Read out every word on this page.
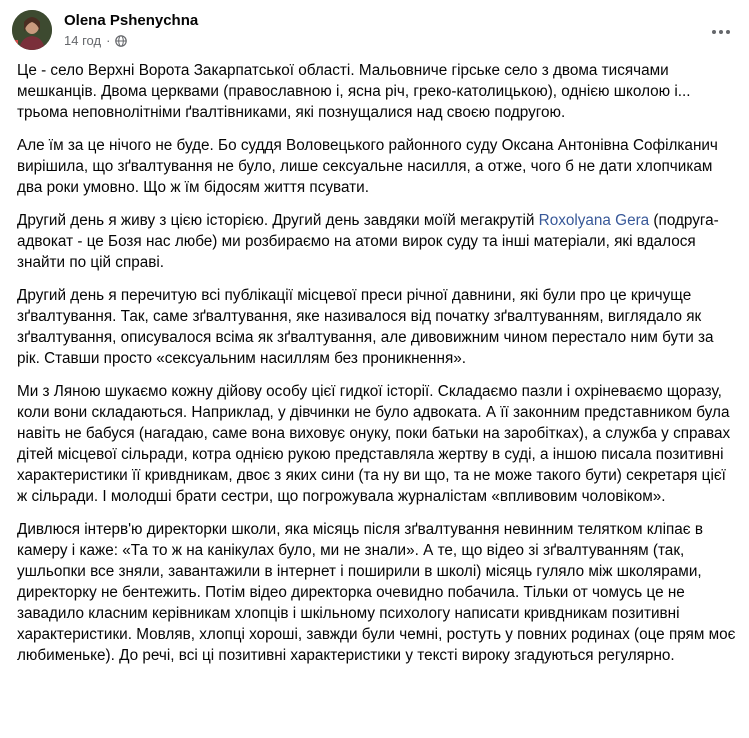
Olena Pshenychna
14 год ·

Це - село Верхні Ворота Закарпатської області. Мальовниче гірське село з двома тисячами мешканців. Двома церквами (православною і, ясна річ, греко-католицькою), однією школою і... трьома неповнолітніми ґвалтівниками, які познущалися над своєю подругою.

Але їм за це нічого не буде. Бо суддя Воловецького районного суду Оксана Антонівна Софілканич вирішила, що зґвалтування не було, лише сексуальне насилля, а отже, чого б не дати хлопчикам два роки умовно. Що ж їм бідосям життя псувати.

Другий день я живу з цією історією. Другий день завдяки моїй мегакрутій Roxolyana Gera (подруга-адвокат - це Бозя нас любе) ми розбираємо на атоми вирок суду та інші матеріали, які вдалося знайти по цій справі.

Другий день я перечитую всі публікації місцевої преси річної давнини, які були про це кричуще зґвалтування. Так, саме зґвалтування, яке називалося від початку зґвалтуванням, виглядало як зґвалтування, описувалося всіма як зґвалтування, але дивовижним чином перестало ним бути за рік. Ставши просто «сексуальним насиллям без проникнення».

Ми з Ляною шукаємо кожну дійову особу цієї гидкої історії. Складаємо пазли і охріневаємо щоразу, коли вони складаються. Наприклад, у дівчинки не було адвоката. А її законним представником була навіть не бабуся (нагадаю, саме вона виховує онуку, поки батьки на заробітках), а служба у справах дітей місцевої сільради, котра однією рукою представляла жертву в суді, а іншою писала позитивні характеристики її кривдникам, двоє з яких сини (та ну ви що, та не може такого бути) секретаря цієї ж сільради. І молодші брати сестри, що погрожувала журналістам «впливовим чоловіком».

Дивлюся інтерв'ю директорки школи, яка місяць після зґвалтування невинним телятком кліпає в камеру і каже: «Та то ж на канікулах було, ми не знали». А те, що відео зі зґвалтуванням (так, ушльопки все зняли, завантажили в інтернет і поширили в школі) місяць гуляло між школярами, директорку не бентежить. Потім відео директорка очевидно побачила. Тільки от чомусь це не завадило класним керівникам хлопців і шкільному психологу написати кривдникам позитивні характеристики. Мовляв, хлопці хороші, завжди були чемні, ростуть у повних родинах (оце прям моє любименьке). До речі, всі ці позитивні характеристики у тексті вироку згадуються регулярно.
